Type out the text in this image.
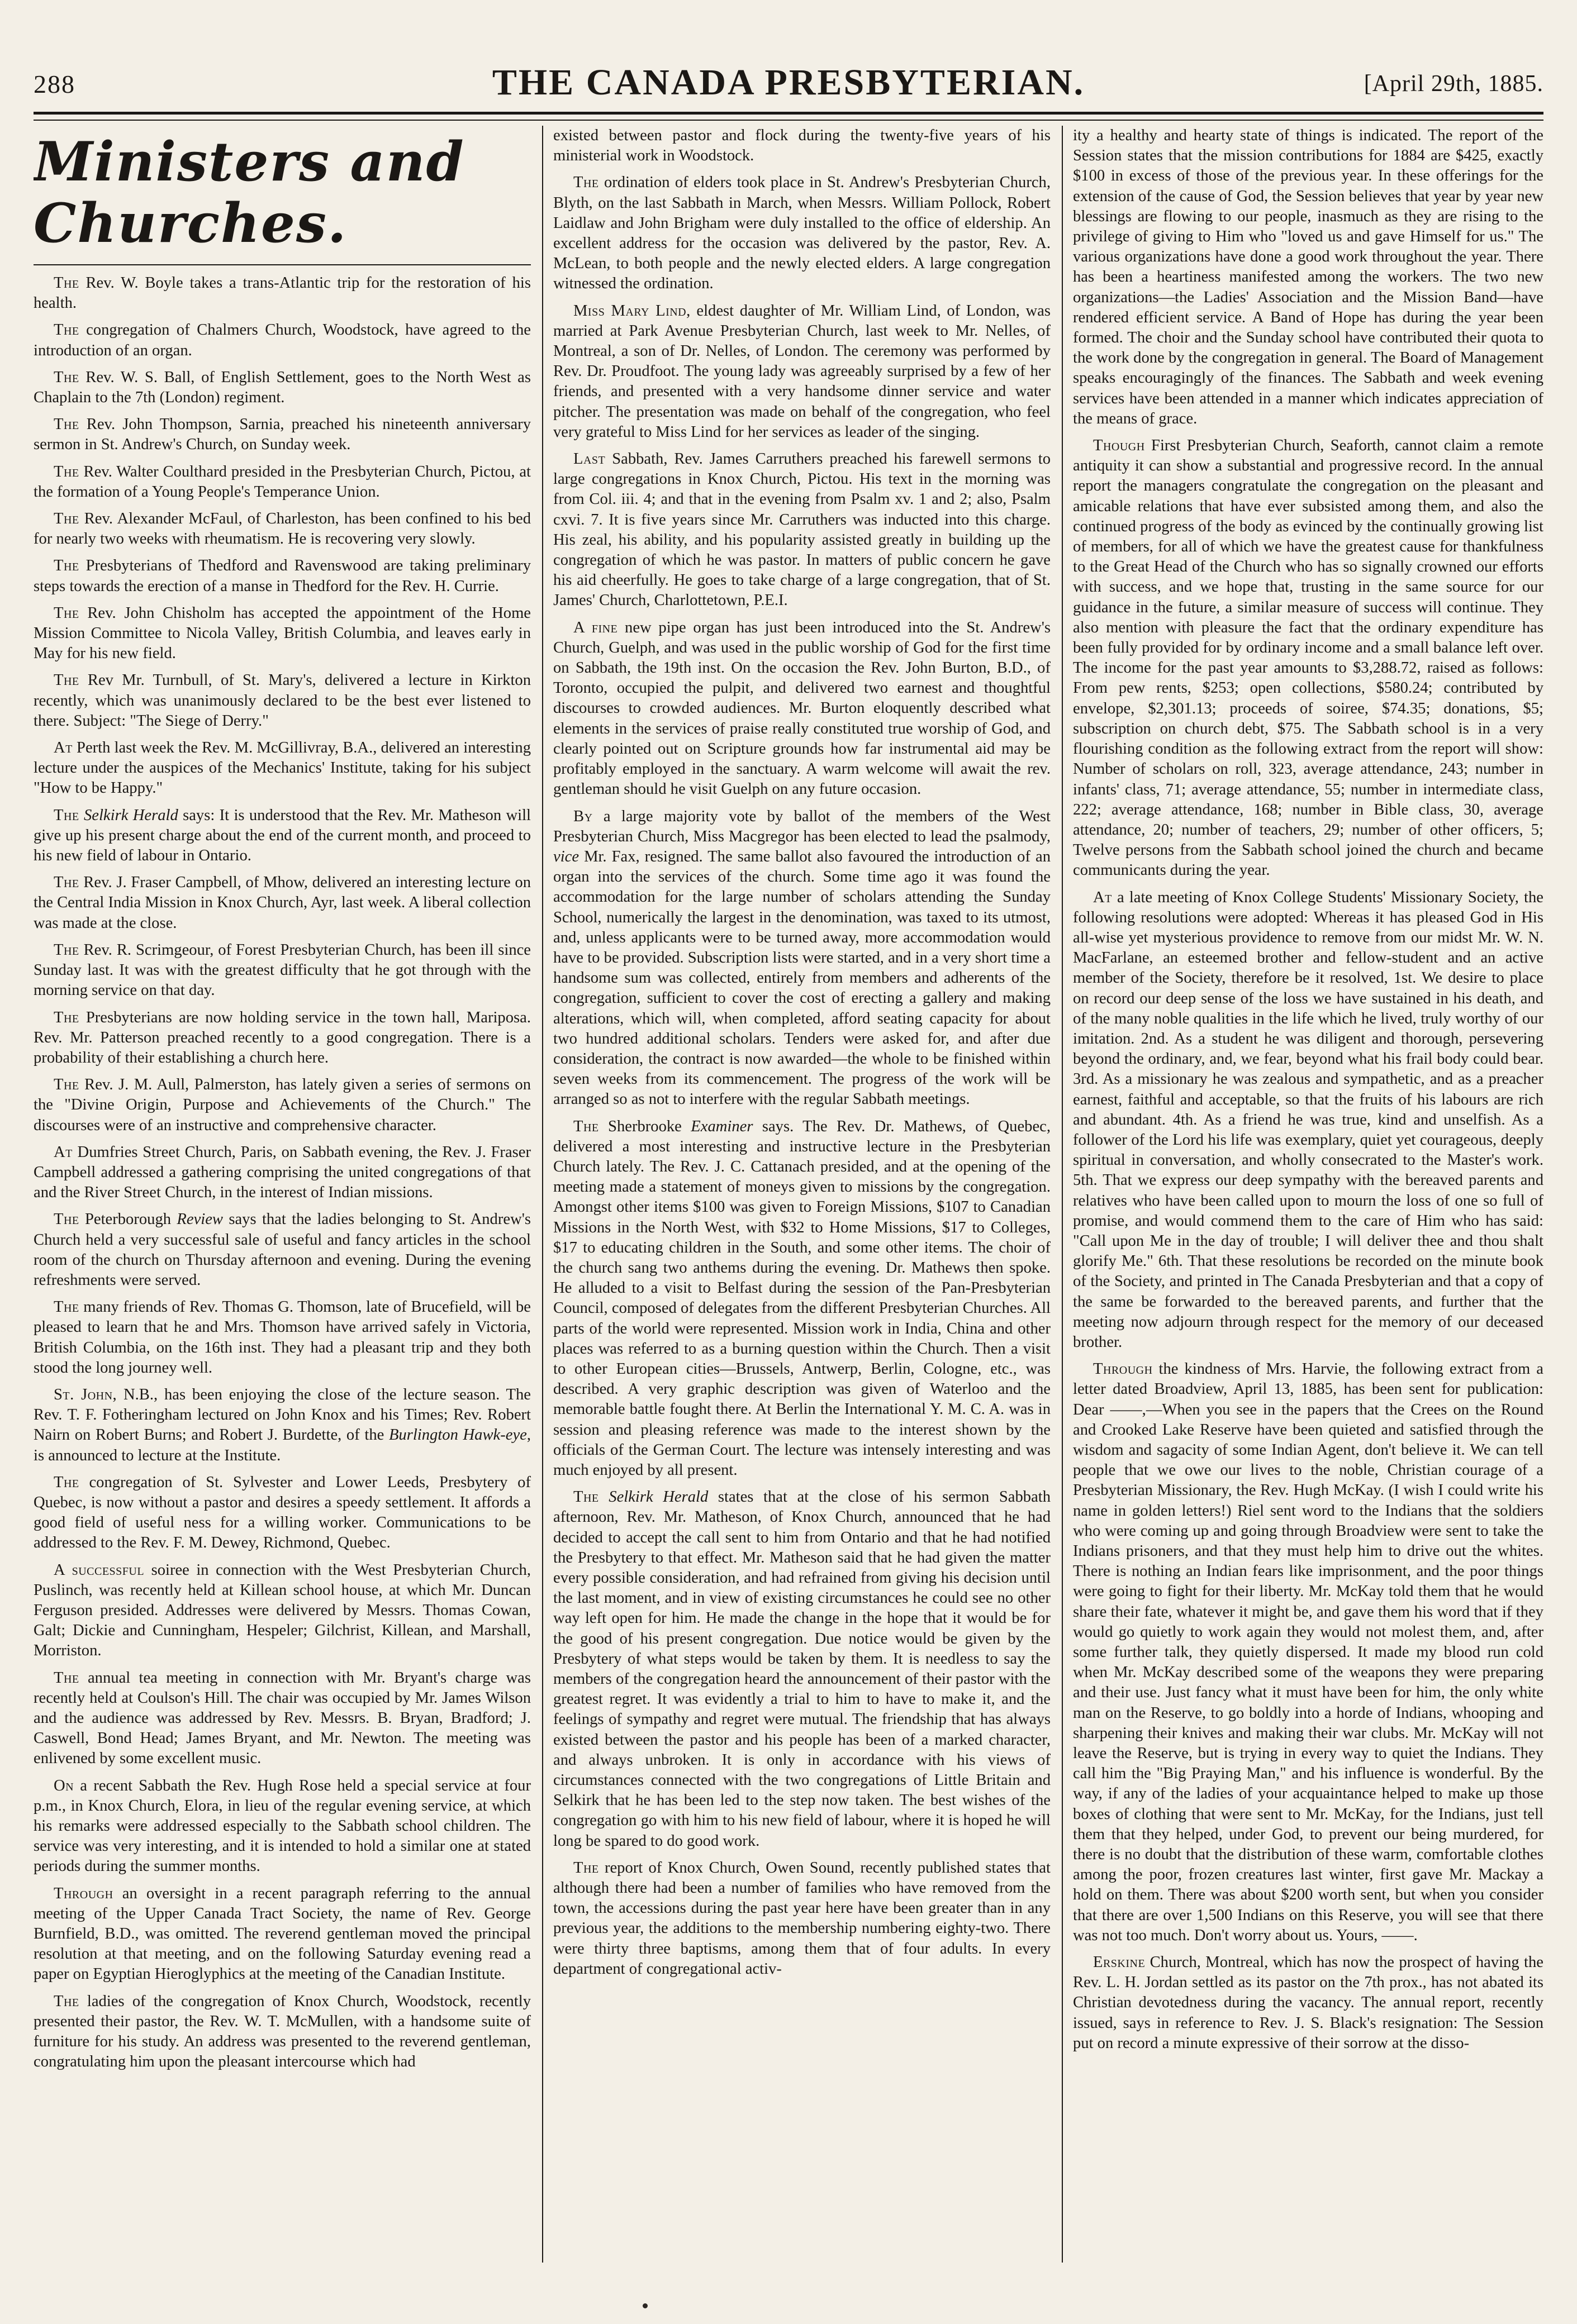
288	THE CANADA PRESBYTERIAN.	[April 29th, 1885.
Ministers and Churches.

The Rev. W. Boyle takes a trans-Atlantic trip for the restoration of his health.

The congregation of Chalmers Church, Woodstock, have agreed to the introduction of an organ.

The Rev. W. S. Ball, of English Settlement, goes to the North West as Chaplain to the 7th (London) regiment.

The Rev. John Thompson, Sarnia, preached his nineteenth anniversary sermon in St. Andrew's Church, on Sunday week.

The Rev. Walter Coulthard presided in the Presbyterian Church, Pictou, at the formation of a Young People's Temperance Union.

The Rev. Alexander McFaul, of Charleston, has been confined to his bed for nearly two weeks with rheumatism. He is recovering very slowly.

The Presbyterians of Thedford and Ravenswood are taking preliminary steps towards the erection of a manse in Thedford for the Rev. H. Currie.

The Rev. John Chisholm has accepted the appointment of the Home Mission Committee to Nicola Valley, British Columbia, and leaves early in May for his new field.

The Rev Mr. Turnbull, of St. Mary's, delivered a lecture in Kirkton recently, which was unanimously declared to be the best ever listened to there. Subject: "The Siege of Derry."

At Perth last week the Rev. M. McGillivray, B.A., delivered an interesting lecture under the auspices of the Mechanics' Institute, taking for his subject "How to be Happy."

The Selkirk Herald says: It is understood that the Rev. Mr. Matheson will give up his present charge about the end of the current month, and proceed to his new field of labour in Ontario.

The Rev. J. Fraser Campbell, of Mhow, delivered an interesting lecture on the Central India Mission in Knox Church, Ayr, last week. A liberal collection was made at the close.

The Rev. R. Scrimgeour, of Forest Presbyterian Church, has been ill since Sunday last. It was with the greatest difficulty that he got through with the morning service on that day.

The Presbyterians are now holding service in the town hall, Mariposa. Rev. Mr. Patterson preached recently to a good congregation. There is a probability of their establishing a church here.

The Rev. J. M. Aull, Palmerston, has lately given a series of sermons on the "Divine Origin, Purpose and Achievements of the Church." The discourses were of an instructive and comprehensive character.

At Dumfries Street Church, Paris, on Sabbath evening, the Rev. J. Fraser Campbell addressed a gathering comprising the united congregations of that and the River Street Church, in the interest of Indian missions.

The Peterborough Review says that the ladies belonging to St. Andrew's Church held a very successful sale of useful and fancy articles in the school room of the church on Thursday afternoon and evening. During the evening refreshments were served.

The many friends of Rev. Thomas G. Thomson, late of Brucefield, will be pleased to learn that he and Mrs. Thomson have arrived safely in Victoria, British Columbia, on the 16th inst. They had a pleasant trip and they both stood the long journey well.

St. John, N.B., has been enjoying the close of the lecture season. The Rev. T. F. Fotheringham lectured on John Knox and his Times; Rev. Robert Nairn on Robert Burns; and Robert J. Burdette, of the Burlington Hawk-eye, is announced to lecture at the Institute.

The congregation of St. Sylvester and Lower Leeds, Presbytery of Quebec, is now without a pastor and desires a speedy settlement. It affords a good field of useful ness for a willing worker. Communications to be addressed to the Rev. F. M. Dewey, Richmond, Quebec.

A successful soiree in connection with the West Presbyterian Church, Puslinch, was recently held at Killean school house, at which Mr. Duncan Ferguson presided. Addresses were delivered by Messrs. Thomas Cowan, Galt; Dickie and Cunningham, Hespeler; Gilchrist, Killean, and Marshall, Morriston.

The annual tea meeting in connection with Mr. Bryant's charge was recently held at Coulson's Hill. The chair was occupied by Mr. James Wilson and the audience was addressed by Rev. Messrs. B. Bryan, Bradford; J. Caswell, Bond Head; James Bryant, and Mr. Newton. The meeting was enlivened by some excellent music.

On a recent Sabbath the Rev. Hugh Rose held a special service at four p.m., in Knox Church, Elora, in lieu of the regular evening service, at which his remarks were addressed especially to the Sabbath school children. The service was very interesting, and it is intended to hold a similar one at stated periods during the summer months.

Through an oversight in a recent paragraph referring to the annual meeting of the Upper Canada Tract Society, the name of Rev. George Burnfield, B.D., was omitted. The reverend gentleman moved the principal resolution at that meeting, and on the following Saturday evening read a paper on Egyptian Hieroglyphics at the meeting of the Canadian Institute.

The ladies of the congregation of Knox Church, Woodstock, recently presented their pastor, the Rev. W. T. McMullen, with a handsome suite of furniture for his study. An address was presented to the reverend gentleman, congratulating him upon the pleasant intercourse which had

existed between pastor and flock during the twenty-five years of his ministerial work in Woodstock.

The ordination of elders took place in St. Andrew's Presbyterian Church, Blyth, on the last Sabbath in March, when Messrs. William Pollock, Robert Laidlaw and John Brigham were duly installed to the office of eldership. An excellent address for the occasion was delivered by the pastor, Rev. A. McLean, to both people and the newly elected elders. A large congregation witnessed the ordination.

Miss Mary Lind, eldest daughter of Mr. William Lind, of London, was married at Park Avenue Presbyterian Church, last week to Mr. Nelles, of Montreal, a son of Dr. Nelles, of London. The ceremony was performed by Rev. Dr. Proudfoot. The young lady was agreeably surprised by a few of her friends, and presented with a very handsome dinner service and water pitcher. The presentation was made on behalf of the congregation, who feel very grateful to Miss Lind for her services as leader of the singing.

Last Sabbath, Rev. James Carruthers preached his farewell sermons to large congregations in Knox Church, Pictou. His text in the morning was from Col. iii. 4; and that in the evening from Psalm xv. 1 and 2; also, Psalm cxvi. 7. It is five years since Mr. Carruthers was inducted into this charge. His zeal, his ability, and his popularity assisted greatly in building up the congregation of which he was pastor. In matters of public concern he gave his aid cheerfully. He goes to take charge of a large congregation, that of St. James' Church, Charlottetown, P.E.I.

A fine new pipe organ has just been introduced into the St. Andrew's Church, Guelph, and was used in the public worship of God for the first time on Sabbath, the 19th inst. On the occasion the Rev. John Burton, B.D., of Toronto, occupied the pulpit, and delivered two earnest and thoughtful discourses to crowded audiences. Mr. Burton eloquently described what elements in the services of praise really constituted true worship of God, and clearly pointed out on Scripture grounds how far instrumental aid may be profitably employed in the sanctuary. A warm welcome will await the rev. gentleman should he visit Guelph on any future occasion.

By a large majority vote by ballot of the members of the West Presbyterian Church, Miss Macgregor has been elected to lead the psalmody, vice Mr. Fax, resigned. The same ballot also favoured the introduction of an organ into the services of the church. Some time ago it was found the accommodation for the large number of scholars attending the Sunday School, numerically the largest in the denomination, was taxed to its utmost, and, unless applicants were to be turned away, more accommodation would have to be provided. Subscription lists were started, and in a very short time a handsome sum was collected, entirely from members and adherents of the congregation, sufficient to cover the cost of erecting a gallery and making alterations, which will, when completed, afford seating capacity for about two hundred additional scholars. Tenders were asked for, and after due consideration, the contract is now awarded—the whole to be finished within seven weeks from its commencement. The progress of the work will be arranged so as not to interfere with the regular Sabbath meetings.

The Sherbrooke Examiner says. The Rev. Dr. Mathews, of Quebec, delivered a most interesting and instructive lecture in the Presbyterian Church lately. The Rev. J. C. Cattanach presided, and at the opening of the meeting made a statement of moneys given to missions by the congregation. Amongst other items $100 was given to Foreign Missions, $107 to Canadian Missions in the North West, with $32 to Home Missions, $17 to Colleges, $17 to educating children in the South, and some other items. The choir of the church sang two anthems during the evening. Dr. Mathews then spoke. He alluded to a visit to Belfast during the session of the Pan-Presbyterian Council, composed of delegates from the different Presbyterian Churches. All parts of the world were represented. Mission work in India, China and other places was referred to as a burning question within the Church. Then a visit to other European cities—Brussels, Antwerp, Berlin, Cologne, etc., was described. A very graphic description was given of Waterloo and the memorable battle fought there. At Berlin the International Y. M. C. A. was in session and pleasing reference was made to the interest shown by the officials of the German Court. The lecture was intensely interesting and was much enjoyed by all present.

The Selkirk Herald states that at the close of his sermon Sabbath afternoon, Rev. Mr. Matheson, of Knox Church, announced that he had decided to accept the call sent to him from Ontario and that he had notified the Presbytery to that effect. Mr. Matheson said that he had given the matter every possible consideration, and had refrained from giving his decision until the last moment, and in view of existing circumstances he could see no other way left open for him. He made the change in the hope that it would be for the good of his present congregation. Due notice would be given by the Presbytery of what steps would be taken by them. It is needless to say the members of the congregation heard the announcement of their pastor with the greatest regret. It was evidently a trial to him to have to make it, and the feelings of sympathy and regret were mutual. The friendship that has always existed between the pastor and his people has been of a marked character, and always unbroken. It is only in accordance with his views of circumstances connected with the two congregations of Little Britain and Selkirk that he has been led to the step now taken. The best wishes of the congregation go with him to his new field of labour, where it is hoped he will long be spared to do good work.

The report of Knox Church, Owen Sound, recently published states that although there had been a number of families who have removed from the town, the accessions during the past year here have been greater than in any previous year, the additions to the membership numbering eighty-two. There were thirty three baptisms, among them that of four adults. In every department of congregational activ-

ity a healthy and hearty state of things is indicated. The report of the Session states that the mission contributions for 1884 are $425, exactly $100 in excess of those of the previous year. In these offerings for the extension of the cause of God, the Session believes that year by year new blessings are flowing to our people, inasmuch as they are rising to the privilege of giving to Him who "loved us and gave Himself for us." The various organizations have done a good work throughout the year. There has been a heartiness manifested among the workers. The two new organizations—the Ladies' Association and the Mission Band—have rendered efficient service. A Band of Hope has during the year been formed. The choir and the Sunday school have contributed their quota to the work done by the congregation in general. The Board of Management speaks encouragingly of the finances. The Sabbath and week evening services have been attended in a manner which indicates appreciation of the means of grace.

Though First Presbyterian Church, Seaforth, cannot claim a remote antiquity it can show a substantial and progressive record. In the annual report the managers congratulate the congregation on the pleasant and amicable relations that have ever subsisted among them, and also the continued progress of the body as evinced by the continually growing list of members, for all of which we have the greatest cause for thankfulness to the Great Head of the Church who has so signally crowned our efforts with success, and we hope that, trusting in the same source for our guidance in the future, a similar measure of success will continue. They also mention with pleasure the fact that the ordinary expenditure has been fully provided for by ordinary income and a small balance left over. The income for the past year amounts to $3,288.72, raised as follows: From pew rents, $253; open collections, $580.24; contributed by envelope, $2,301.13; proceeds of soiree, $74.35; donations, $5; subscription on church debt, $75. The Sabbath school is in a very flourishing condition as the following extract from the report will show: Number of scholars on roll, 323, average attendance, 243; number in infants' class, 71; average attendance, 55; number in intermediate class, 222; average attendance, 168; number in Bible class, 30, average attendance, 20; number of teachers, 29; number of other officers, 5; Twelve persons from the Sabbath school joined the church and became communicants during the year.

At a late meeting of Knox College Students' Missionary Society, the following resolutions were adopted: Whereas it has pleased God in His all-wise yet mysterious providence to remove from our midst Mr. W. N. MacFarlane, an esteemed brother and fellow-student and an active member of the Society, therefore be it resolved, 1st. We desire to place on record our deep sense of the loss we have sustained in his death, and of the many noble qualities in the life which he lived, truly worthy of our imitation. 2nd. As a student he was diligent and thorough, persevering beyond the ordinary, and, we fear, beyond what his frail body could bear. 3rd. As a missionary he was zealous and sympathetic, and as a preacher earnest, faithful and acceptable, so that the fruits of his labours are rich and abundant. 4th. As a friend he was true, kind and unselfish. As a follower of the Lord his life was exemplary, quiet yet courageous, deeply spiritual in conversation, and wholly consecrated to the Master's work. 5th. That we express our deep sympathy with the bereaved parents and relatives who have been called upon to mourn the loss of one so full of promise, and would commend them to the care of Him who has said: "Call upon Me in the day of trouble; I will deliver thee and thou shalt glorify Me." 6th. That these resolutions be recorded on the minute book of the Society, and printed in The Canada Presbyterian and that a copy of the same be forwarded to the bereaved parents, and further that the meeting now adjourn through respect for the memory of our deceased brother.

Through the kindness of Mrs. Harvie, the following extract from a letter dated Broadview, April 13, 1885, has been sent for publication: Dear ——,—When you see in the papers that the Crees on the Round and Crooked Lake Reserve have been quieted and satisfied through the wisdom and sagacity of some Indian Agent, don't believe it. We can tell people that we owe our lives to the noble, Christian courage of a Presbyterian Missionary, the Rev. Hugh McKay. (I wish I could write his name in golden letters!) Riel sent word to the Indians that the soldiers who were coming up and going through Broadview were sent to take the Indians prisoners, and that they must help him to drive out the whites. There is nothing an Indian fears like imprisonment, and the poor things were going to fight for their liberty. Mr. McKay told them that he would share their fate, whatever it might be, and gave them his word that if they would go quietly to work again they would not molest them, and, after some further talk, they quietly dispersed. It made my blood run cold when Mr. McKay described some of the weapons they were preparing and their use. Just fancy what it must have been for him, the only white man on the Reserve, to go boldly into a horde of Indians, whooping and sharpening their knives and making their war clubs. Mr. McKay will not leave the Reserve, but is trying in every way to quiet the Indians. They call him the "Big Praying Man," and his influence is wonderful. By the way, if any of the ladies of your acquaintance helped to make up those boxes of clothing that were sent to Mr. McKay, for the Indians, just tell them that they helped, under God, to prevent our being murdered, for there is no doubt that the distribution of these warm, comfortable clothes among the poor, frozen creatures last winter, first gave Mr. Mackay a hold on them. There was about $200 worth sent, but when you consider that there are over 1,500 Indians on this Reserve, you will see that there was not too much. Don't worry about us. Yours, ——.

Erskine Church, Montreal, which has now the prospect of having the Rev. L. H. Jordan settled as its pastor on the 7th prox., has not abated its Christian devotedness during the vacancy. The annual report, recently issued, says in reference to Rev. J. S. Black's resignation: The Session put on record a minute expressive of their sorrow at the disso-
